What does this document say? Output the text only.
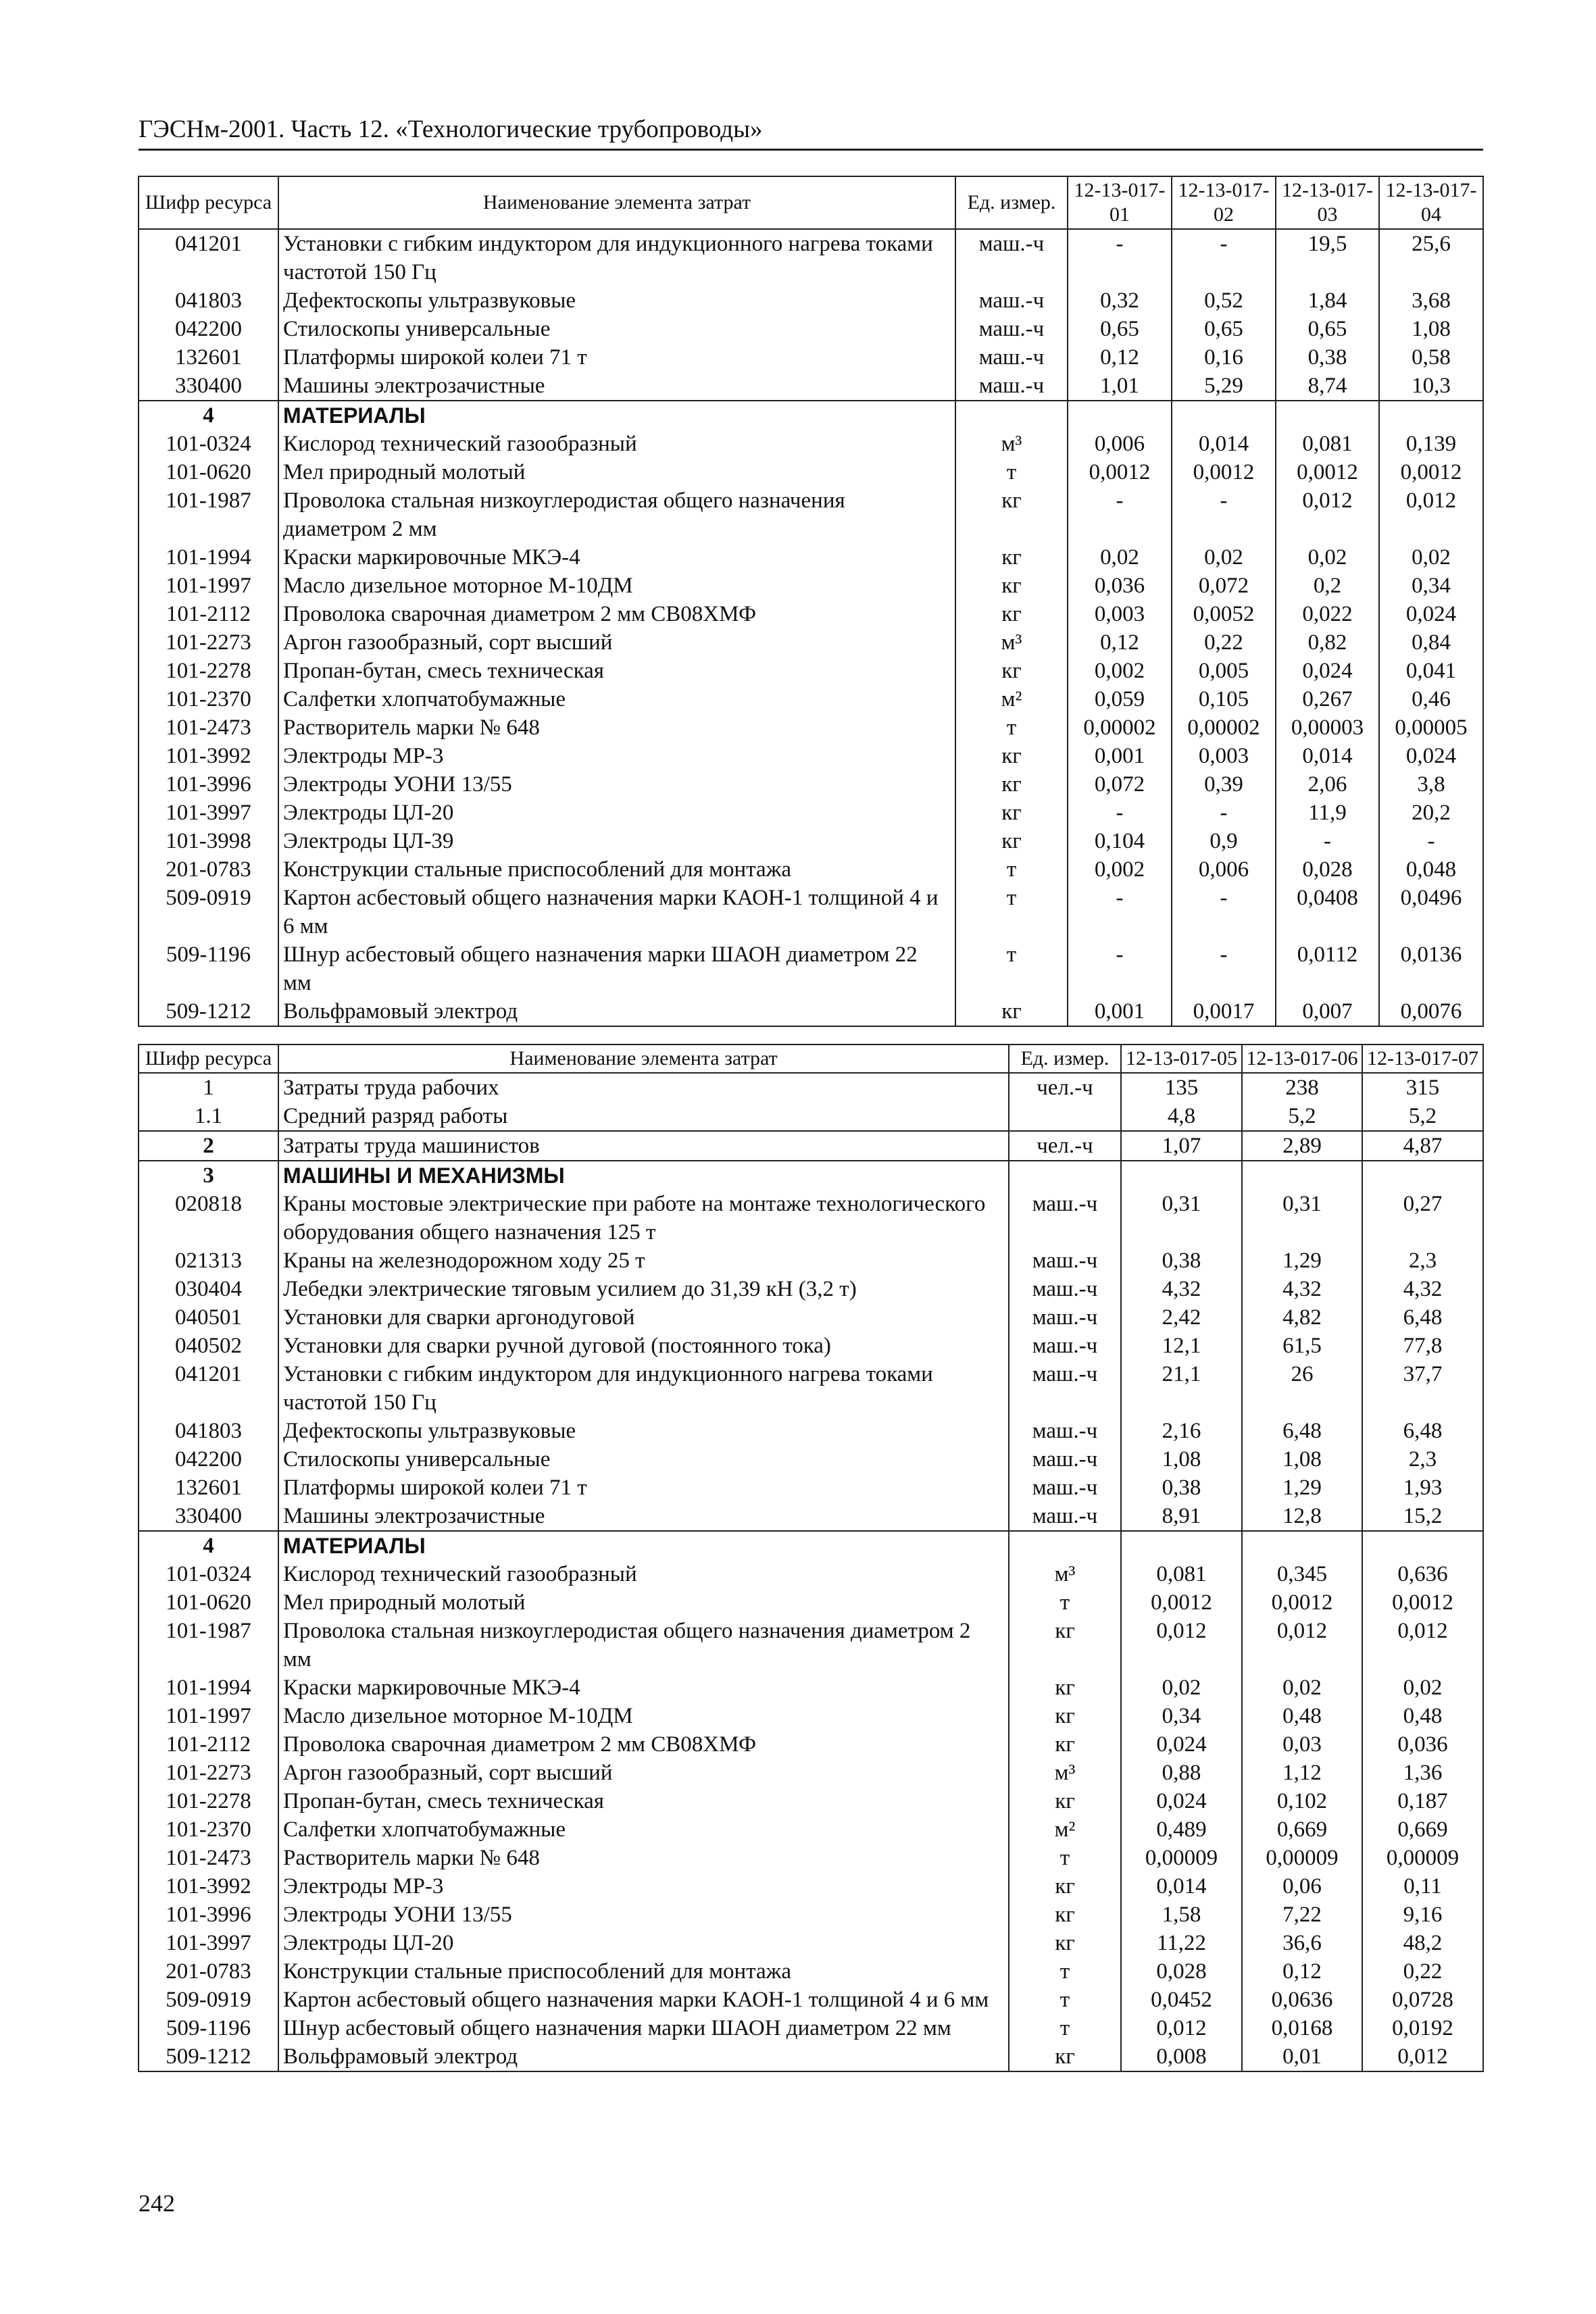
ГЭСНм-2001. Часть 12. «Технологические трубопроводы»
Шифр ресурса	Наименование элемента затрат	Ед. измер.	12-13-017-01	12-13-017-02	12-13-017-03	12-13-017-04
041201	Установки с гибким индуктором для индукционного нагрева токами частотой 150 Гц	маш.-ч	-	-	19,5	25,6
041803	Дефектоскопы ультразвуковые	маш.-ч	0,32	0,52	1,84	3,68
042200	Стилоскопы универсальные	маш.-ч	0,65	0,65	0,65	1,08
132601	Платформы широкой колеи 71 т	маш.-ч	0,12	0,16	0,38	0,58
330400	Машины электрозачистные	маш.-ч	1,01	5,29	8,74	10,3
4	МАТЕРИАЛЫ					
101-0324	Кислород технический газообразный	м³	0,006	0,014	0,081	0,139
101-0620	Мел природный молотый	т	0,0012	0,0012	0,0012	0,0012
101-1987	Проволока стальная низкоуглеродистая общего назначения диаметром 2 мм	кг	-	-	0,012	0,012
101-1994	Краски маркировочные МКЭ-4	кг	0,02	0,02	0,02	0,02
101-1997	Масло дизельное моторное М-10ДМ	кг	0,036	0,072	0,2	0,34
101-2112	Проволока сварочная диаметром 2 мм СВ08ХМФ	кг	0,003	0,0052	0,022	0,024
101-2273	Аргон газообразный, сорт высший	м³	0,12	0,22	0,82	0,84
101-2278	Пропан-бутан, смесь техническая	кг	0,002	0,005	0,024	0,041
101-2370	Салфетки хлопчатобумажные	м²	0,059	0,105	0,267	0,46
101-2473	Растворитель марки № 648	т	0,00002	0,00002	0,00003	0,00005
101-3992	Электроды МР-3	кг	0,001	0,003	0,014	0,024
101-3996	Электроды УОНИ 13/55	кг	0,072	0,39	2,06	3,8
101-3997	Электроды ЦЛ-20	кг	-	-	11,9	20,2
101-3998	Электроды ЦЛ-39	кг	0,104	0,9	-	-
201-0783	Конструкции стальные приспособлений для монтажа	т	0,002	0,006	0,028	0,048
509-0919	Картон асбестовый общего назначения марки КАОН-1 толщиной 4 и 6 мм	т	-	-	0,0408	0,0496
509-1196	Шнур асбестовый общего назначения марки ШАОН диаметром 22 мм	т	-	-	0,0112	0,0136
509-1212	Вольфрамовый электрод	кг	0,001	0,0017	0,007	0,0076
Шифр ресурса	Наименование элемента затрат	Ед. измер.	12-13-017-05	12-13-017-06	12-13-017-07
1	Затраты труда рабочих	чел.-ч	135	238	315
1.1	Средний разряд работы		4,8	5,2	5,2
2	Затраты труда машинистов	чел.-ч	1,07	2,89	4,87
3	МАШИНЫ И МЕХАНИЗМЫ				
020818	Краны мостовые электрические при работе на монтаже технологического оборудования общего назначения 125 т	маш.-ч	0,31	0,31	0,27
021313	Краны на железнодорожном ходу 25 т	маш.-ч	0,38	1,29	2,3
030404	Лебедки электрические тяговым усилием до 31,39 кН (3,2 т)	маш.-ч	4,32	4,32	4,32
040501	Установки для сварки аргонодуговой	маш.-ч	2,42	4,82	6,48
040502	Установки для сварки ручной дуговой (постоянного тока)	маш.-ч	12,1	61,5	77,8
041201	Установки с гибким индуктором для индукционного нагрева токами частотой 150 Гц	маш.-ч	21,1	26	37,7
041803	Дефектоскопы ультразвуковые	маш.-ч	2,16	6,48	6,48
042200	Стилоскопы универсальные	маш.-ч	1,08	1,08	2,3
132601	Платформы широкой колеи 71 т	маш.-ч	0,38	1,29	1,93
330400	Машины электрозачистные	маш.-ч	8,91	12,8	15,2
4	МАТЕРИАЛЫ				
101-0324	Кислород технический газообразный	м³	0,081	0,345	0,636
101-0620	Мел природный молотый	т	0,0012	0,0012	0,0012
101-1987	Проволока стальная низкоуглеродистая общего назначения диаметром 2 мм	кг	0,012	0,012	0,012
101-1994	Краски маркировочные МКЭ-4	кг	0,02	0,02	0,02
101-1997	Масло дизельное моторное М-10ДМ	кг	0,34	0,48	0,48
101-2112	Проволока сварочная диаметром 2 мм СВ08ХМФ	кг	0,024	0,03	0,036
101-2273	Аргон газообразный, сорт высший	м³	0,88	1,12	1,36
101-2278	Пропан-бутан, смесь техническая	кг	0,024	0,102	0,187
101-2370	Салфетки хлопчатобумажные	м²	0,489	0,669	0,669
101-2473	Растворитель марки № 648	т	0,00009	0,00009	0,00009
101-3992	Электроды МР-3	кг	0,014	0,06	0,11
101-3996	Электроды УОНИ 13/55	кг	1,58	7,22	9,16
101-3997	Электроды ЦЛ-20	кг	11,22	36,6	48,2
201-0783	Конструкции стальные приспособлений для монтажа	т	0,028	0,12	0,22
509-0919	Картон асбестовый общего назначения марки КАОН-1 толщиной 4 и 6 мм	т	0,0452	0,0636	0,0728
509-1196	Шнур асбестовый общего назначения марки ШАОН диаметром 22 мм	т	0,012	0,0168	0,0192
509-1212	Вольфрамовый электрод	кг	0,008	0,01	0,012
242
